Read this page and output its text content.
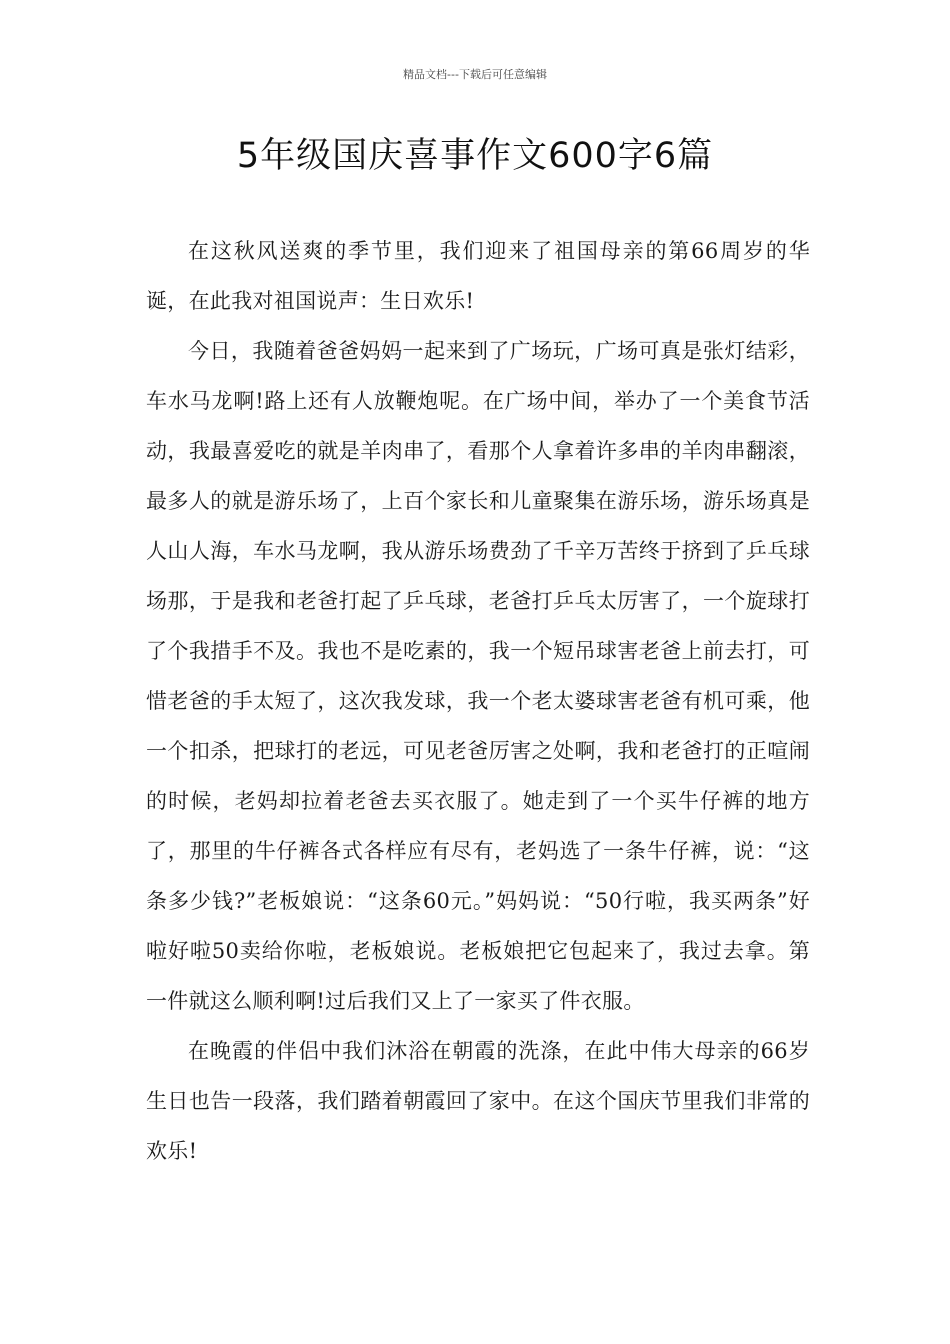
精品文档---下载后可任意编辑
5年级国庆喜事作文600字6篇

在这秋风送爽的季节里，我们迎来了祖国母亲的第66周岁的华诞，在此我对祖国说声：生日欢乐!

今日，我随着爸爸妈妈一起来到了广场玩，广场可真是张灯结彩，车水马龙啊!路上还有人放鞭炮呢。在广场中间，举办了一个美食节活动，我最喜爱吃的就是羊肉串了，看那个人拿着许多串的羊肉串翻滚，最多人的就是游乐场了，上百个家长和儿童聚集在游乐场，游乐场真是人山人海，车水马龙啊，我从游乐场费劲了千辛万苦终于挤到了乒乓球场那，于是我和老爸打起了乒乓球，老爸打乒乓太厉害了，一个旋球打了个我措手不及。我也不是吃素的，我一个短吊球害老爸上前去打，可惜老爸的手太短了，这次我发球，我一个老太婆球害老爸有机可乘，他一个扣杀，把球打的老远，可见老爸厉害之处啊，我和老爸打的正喧闹的时候，老妈却拉着老爸去买衣服了。她走到了一个买牛仔裤的地方了，那里的牛仔裤各式各样应有尽有，老妈选了一条牛仔裤，说：“这条多少钱?”老板娘说：“这条60元。”妈妈说：“50行啦，我买两条”好啦好啦50卖给你啦，老板娘说。老板娘把它包起来了，我过去拿。第一件就这么顺利啊!过后我们又上了一家买了件衣服。

在晚霞的伴侣中我们沐浴在朝霞的洗涤，在此中伟大母亲的66岁生日也告一段落，我们踏着朝霞回了家中。在这个国庆节里我们非常的欢乐!
